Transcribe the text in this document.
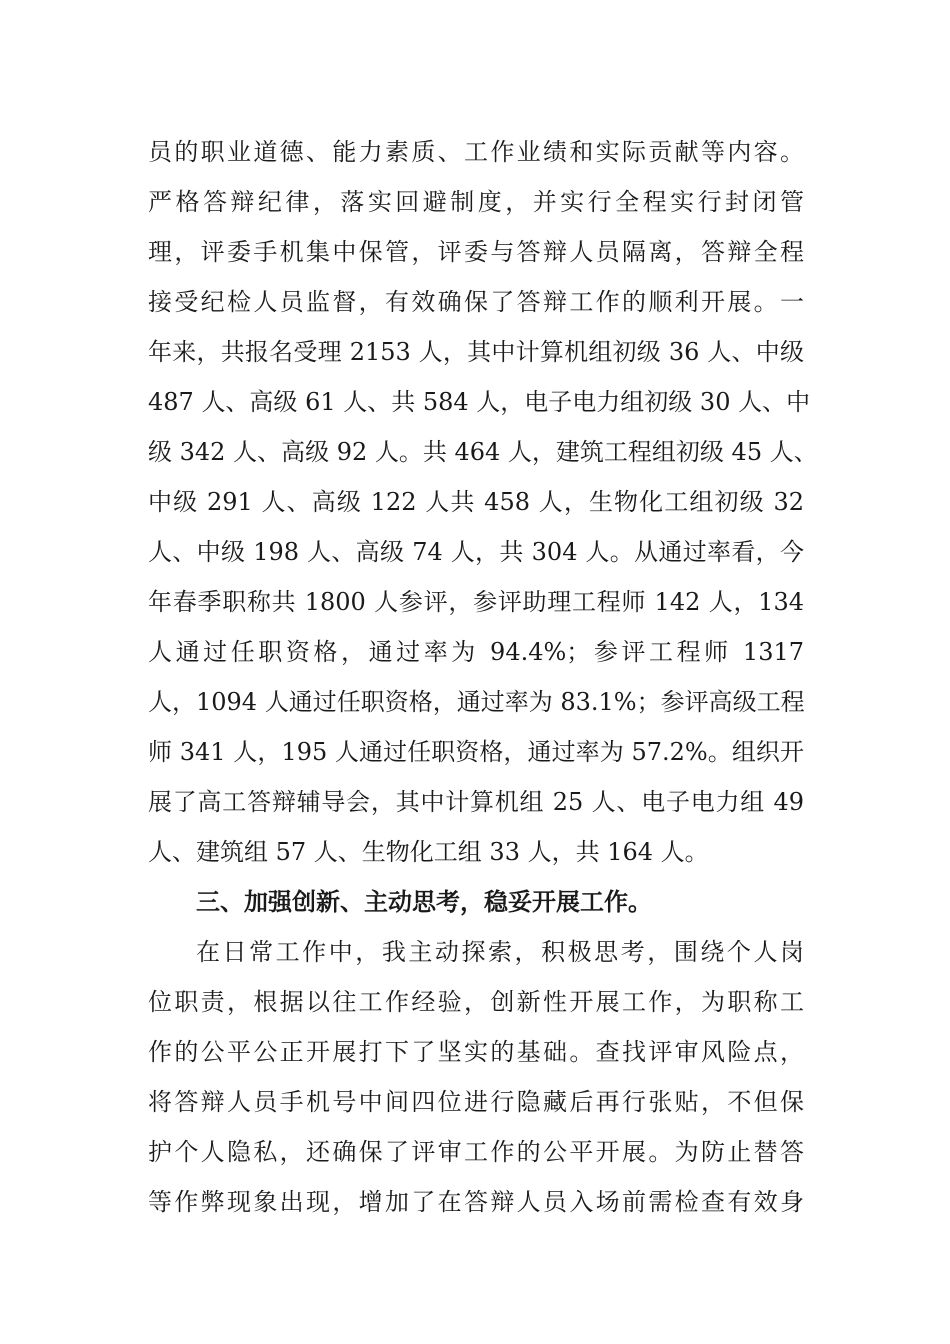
员的职业道德、能力素质、工作业绩和实际贡献等内容。
严格答辩纪律，落实回避制度，并实行全程实行封闭管
理，评委手机集中保管，评委与答辩人员隔离，答辩全程
接受纪检人员监督，有效确保了答辩工作的顺利开展。一
年来，共报名受理 2153 人，其中计算机组初级 36 人、中级
487 人、高级 61 人、共 584 人，电子电力组初级 30 人、中
级 342 人、高级 92 人。共 464 人，建筑工程组初级 45 人、
中级 291 人、高级 122 人共 458 人，生物化工组初级 32
人、中级 198 人、高级 74 人，共 304 人。从通过率看，今
年春季职称共 1800 人参评，参评助理工程师 142 人，134
人通过任职资格，通过率为 94.4%；参评工程师 1317
人，1094 人通过任职资格，通过率为 83.1%；参评高级工程
师 341 人，195 人通过任职资格，通过率为 57.2%。组织开
展了高工答辩辅导会，其中计算机组 25 人、电子电力组 49
人、建筑组 57 人、生物化工组 33 人，共 164 人。
三、加强创新、主动思考，稳妥开展工作。
在日常工作中，我主动探索，积极思考，围绕个人岗
位职责，根据以往工作经验，创新性开展工作，为职称工
作的公平公正开展打下了坚实的基础。查找评审风险点，
将答辩人员手机号中间四位进行隐藏后再行张贴，不但保
护个人隐私，还确保了评审工作的公平开展。为防止替答
等作弊现象出现，增加了在答辩人员入场前需检查有效身
